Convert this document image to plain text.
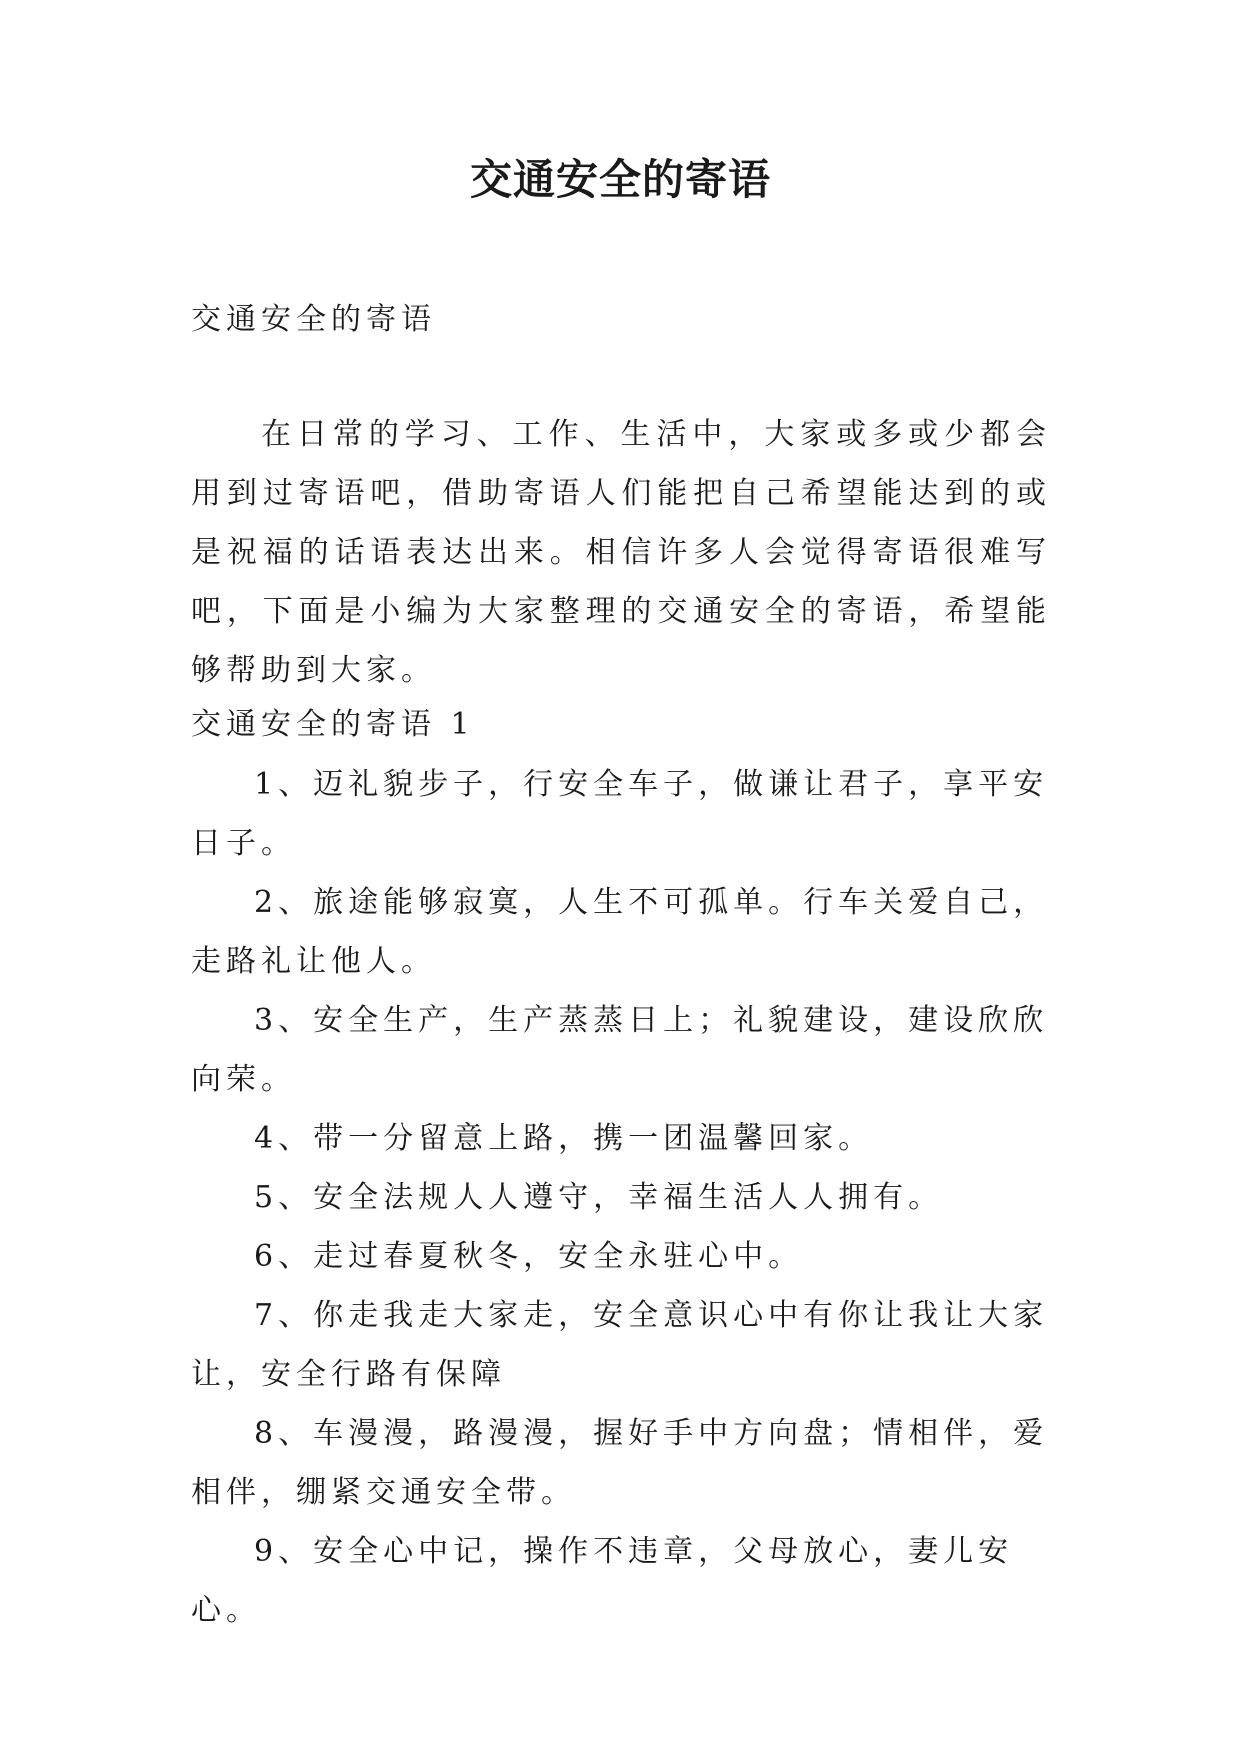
交通安全的寄语
交通安全的寄语
在日常的学习、工作、生活中，大家或多或少都会用到过寄语吧，借助寄语人们能把自己希望能达到的或是祝福的话语表达出来。相信许多人会觉得寄语很难写吧，下面是小编为大家整理的交通安全的寄语，希望能够帮助到大家。
交通安全的寄语 1

1、迈礼貌步子，行安全车子，做谦让君子，享平安日子。

2、旅途能够寂寞，人生不可孤单。行车关爱自己，走路礼让他人。

3、安全生产，生产蒸蒸日上；礼貌建设，建设欣欣向荣。

4、带一分留意上路，携一团温馨回家。

5、安全法规人人遵守，幸福生活人人拥有。

6、走过春夏秋冬，安全永驻心中。

7、你走我走大家走，安全意识心中有你让我让大家让，安全行路有保障

8、车漫漫，路漫漫，握好手中方向盘；情相伴，爱相伴，绷紧交通安全带。

9、安全心中记，操作不违章，父母放心，妻儿安心。
